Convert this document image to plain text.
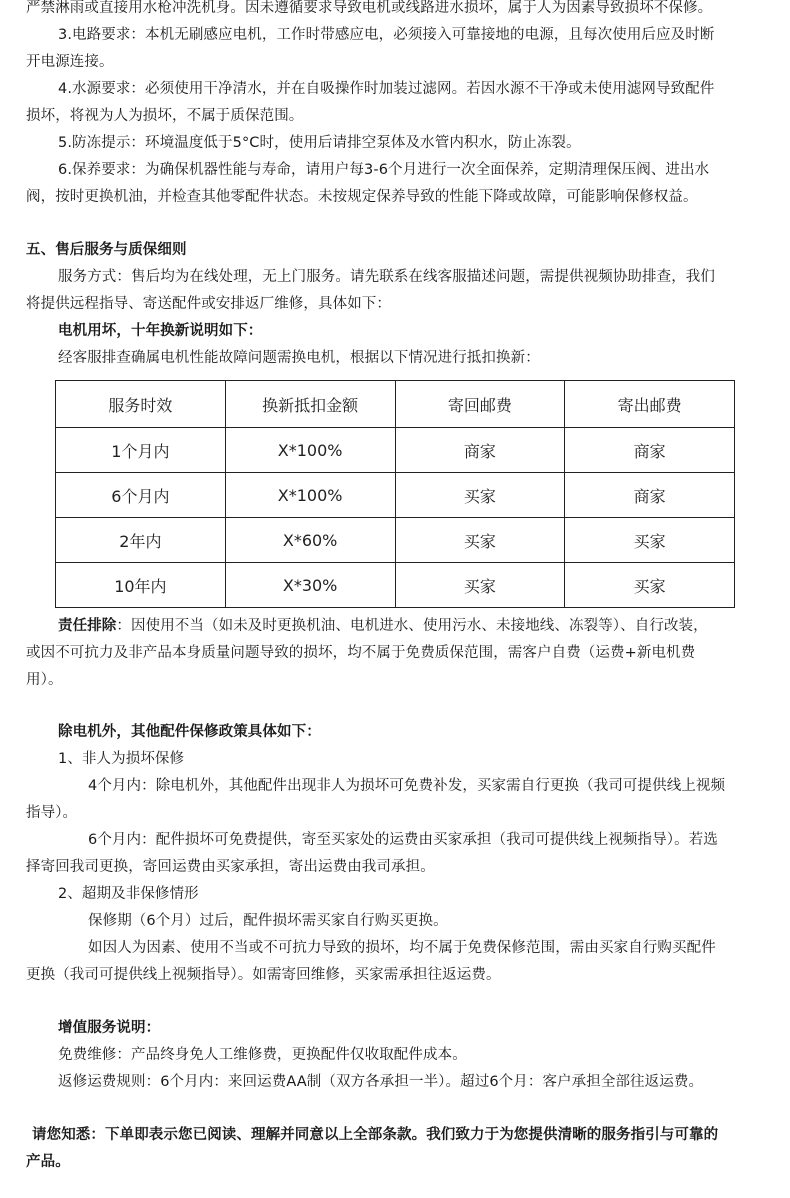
严禁淋雨或直接用水枪冲洗机身。因未遵循要求导致电机或线路进水损坏，属于人为因素导致损坏不保修。
3.电路要求：本机无刷感应电机，工作时带感应电，必须接入可靠接地的电源，且每次使用后应及时断
开电源连接。
4.水源要求：必须使用干净清水，并在自吸操作时加装过滤网。若因水源不干净或未使用滤网导致配件
损坏，将视为人为损坏，不属于质保范围。
5.防冻提示：环境温度低于5°C时，使用后请排空泵体及水管内积水，防止冻裂。
6.保养要求：为确保机器性能与寿命，请用户每3-6个月进行一次全面保养，定期清理保压阀、进出水
阀，按时更换机油，并检查其他零配件状态。未按规定保养导致的性能下降或故障，可能影响保修权益。
五、售后服务与质保细则
服务方式：售后均为在线处理，无上门服务。请先联系在线客服描述问题，需提供视频协助排查，我们
将提供远程指导、寄送配件或安排返厂维修，具体如下：
电机用坏，十年换新说明如下：
经客服排查确属电机性能故障问题需换电机，根据以下情况进行抵扣换新：
服务时效	换新抵扣金额	寄回邮费	寄出邮费
1个月内	X*100%	商家	商家
6个月内	X*100%	买家	商家
2年内	X*60%	买家	买家
10年内	X*30%	买家	买家
责任排除：因使用不当（如未及时更换机油、电机进水、使用污水、未接地线、冻裂等）、自行改装，
或因不可抗力及非产品本身质量问题导致的损坏，均不属于免费质保范围，需客户自费（运费+新电机费
用）。
除电机外，其他配件保修政策具体如下：
1、非人为损坏保修
4个月内：除电机外，其他配件出现非人为损坏可免费补发，买家需自行更换（我司可提供线上视频
指导）。
6个月内：配件损坏可免费提供，寄至买家处的运费由买家承担（我司可提供线上视频指导）。若选
择寄回我司更换，寄回运费由买家承担，寄出运费由我司承担。
2、超期及非保修情形
保修期（6个月）过后，配件损坏需买家自行购买更换。
如因人为因素、使用不当或不可抗力导致的损坏，均不属于免费保修范围，需由买家自行购买配件
更换（我司可提供线上视频指导）。如需寄回维修，买家需承担往返运费。
增值服务说明：
免费维修：产品终身免人工维修费，更换配件仅收取配件成本。
返修运费规则：6个月内：来回运费AA制（双方各承担一半）。超过6个月：客户承担全部往返运费。
请您知悉：下单即表示您已阅读、理解并同意以上全部条款。我们致力于为您提供清晰的服务指引与可靠的
产品。
